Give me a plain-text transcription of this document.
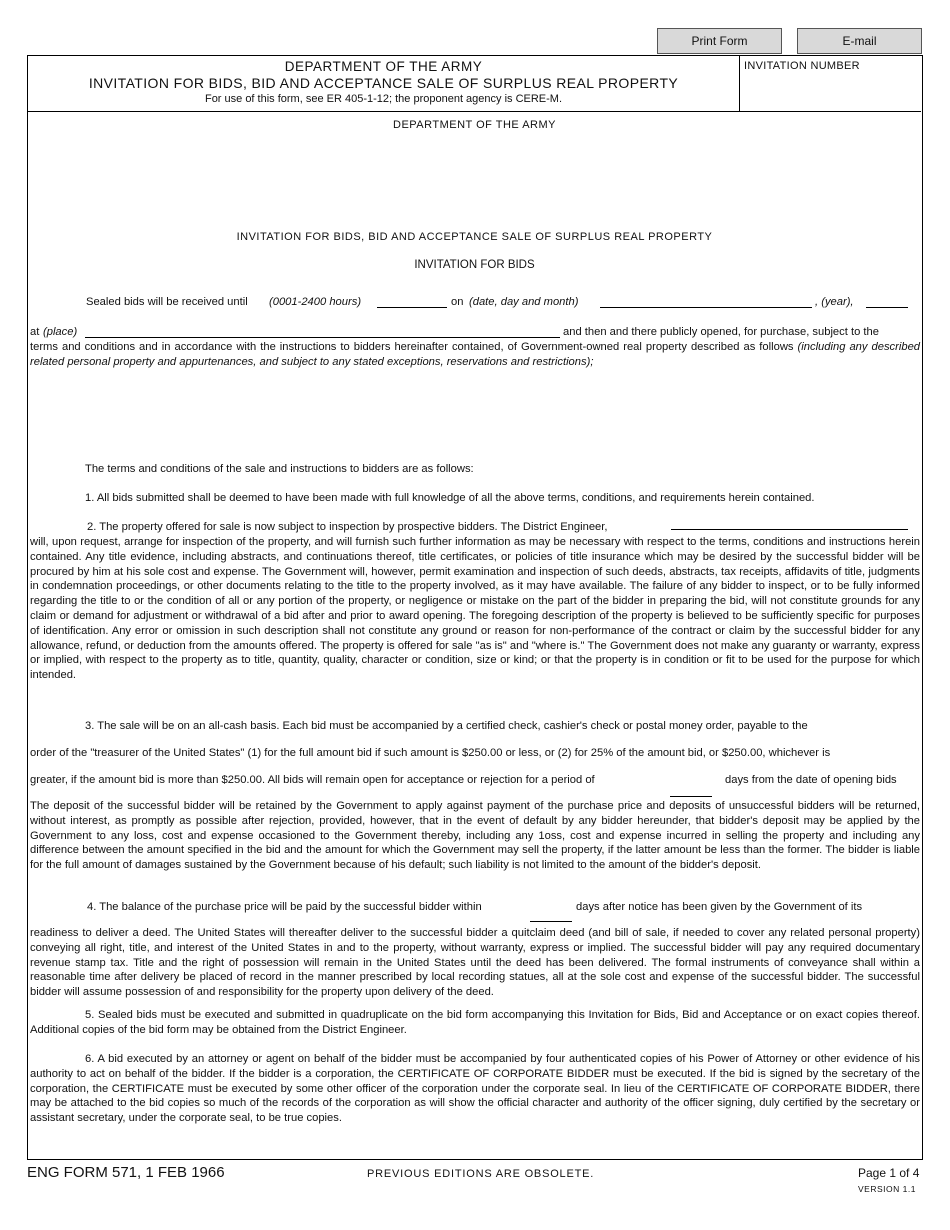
Print Form	E-mail
DEPARTMENT OF THE ARMY
INVITATION FOR BIDS, BID AND ACCEPTANCE SALE OF SURPLUS REAL PROPERTY
For use of this form, see ER 405-1-12; the proponent agency is CERE-M.
INVITATION NUMBER
DEPARTMENT OF THE ARMY
INVITATION FOR BIDS, BID AND ACCEPTANCE SALE OF SURPLUS REAL PROPERTY
INVITATION FOR BIDS
Sealed bids will be received until (0001-2400 hours)	on (date, day and month)	, (year),
at (place)	and then and there publicly opened, for purchase, subject to the
terms and conditions and in accordance with the instructions to bidders hereinafter contained, of Government-owned real property described as follows (including any described related personal property and appurtenances, and subject to any stated exceptions, reservations and restrictions);
The terms and conditions of the sale and instructions to bidders are as follows:
1. All bids submitted shall be deemed to have been made with full knowledge of all the above terms, conditions, and requirements herein contained.
2. The property offered for sale is now subject to inspection by prospective bidders. The District Engineer,
will, upon request, arrange for inspection of the property, and will furnish such further information as may be necessary with respect to the terms, conditions and instructions herein contained. Any title evidence, including abstracts, and continuations thereof, title certificates, or policies of title insurance which may be desired by the successful bidder will be procured by him at his sole cost and expense. The Government will, however, permit examination and inspection of such deeds, abstracts, tax receipts, affidavits of title, judgments in condemnation proceedings, or other documents relating to the title to the property involved, as it may have available. The failure of any bidder to inspect, or to be fully informed regarding the title to or the condition of all or any portion of the property, or negligence or mistake on the part of the bidder in preparing the bid, will not constitute grounds for any claim or demand for adjustment or withdrawal of a bid after and prior to award opening. The foregoing description of the property is believed to be sufficiently specific for purposes of identification. Any error or omission in such description shall not constitute any ground or reason for non-performance of the contract or claim by the successful bidder for any allowance, refund, or deduction from the amounts offered. The property is offered for sale "as is" and "where is." The Government does not make any guaranty or warranty, express or implied, with respect to the property as to title, quantity, quality, character or condition, size or kind; or that the property is in condition or fit to be used for the purpose for which intended.
3. The sale will be on an all-cash basis. Each bid must be accompanied by a certified check, cashier's check or postal money order, payable to the
order of the "treasurer of the United States" (1) for the full amount bid if such amount is $250.00 or less, or (2) for 25% of the amount bid, or $250.00, whichever is
greater, if the amount bid is more than $250.00. All bids will remain open for acceptance or rejection for a period of	days from the date of opening bids
The deposit of the successful bidder will be retained by the Government to apply against payment of the purchase price and deposits of unsuccessful bidders will be returned, without interest, as promptly as possible after rejection, provided, however, that in the event of default by any bidder hereunder, that bidder's deposit may be applied by the Government to any loss, cost and expense occasioned to the Government thereby, including any 1oss, cost and expense incurred in selling the property and including any difference between the amount specified in the bid and the amount for which the Government may sell the property, if the latter amount be less than the former. The bidder is liable for the full amount of damages sustained by the Government because of his default; such liability is not limited to the amount of the bidder's deposit.
4. The balance of the purchase price will be paid by the successful bidder within	days after notice has been given by the Government of its
readiness to deliver a deed. The United States will thereafter deliver to the successful bidder a quitclaim deed (and bill of sale, if needed to cover any related personal property) conveying all right, title, and interest of the United States in and to the property, without warranty, express or implied. The successful bidder will pay any required documentary revenue stamp tax. Title and the right of possession will remain in the United States until the deed has been delivered. The formal instruments of conveyance shall within a reasonable time after delivery be placed of record in the manner prescribed by local recording statues, all at the sole cost and expense of the successful bidder. The successful bidder will assume possession of and responsibility for the property upon delivery of the deed.
5. Sealed bids must be executed and submitted in quadruplicate on the bid form accompanying this Invitation for Bids, Bid and Acceptance or on exact copies thereof. Additional copies of the bid form may be obtained from the District Engineer.
6. A bid executed by an attorney or agent on behalf of the bidder must be accompanied by four authenticated copies of his Power of Attorney or other evidence of his authority to act on behalf of the bidder. If the bidder is a corporation, the CERTIFICATE OF CORPORATE BIDDER must be executed. If the bid is signed by the secretary of the corporation, the CERTIFICATE must be executed by some other officer of the corporation under the corporate seal. In lieu of the CERTIFICATE OF CORPORATE BIDDER, there may be attached to the bid copies so much of the records of the corporation as will show the official character and authority of the officer signing, duly certified by the secretary or assistant secretary, under the corporate seal, to be true copies.
ENG FORM 571, 1 FEB 1966	PREVIOUS EDITIONS ARE OBSOLETE.	Page 1 of 4
VERSION 1.1
